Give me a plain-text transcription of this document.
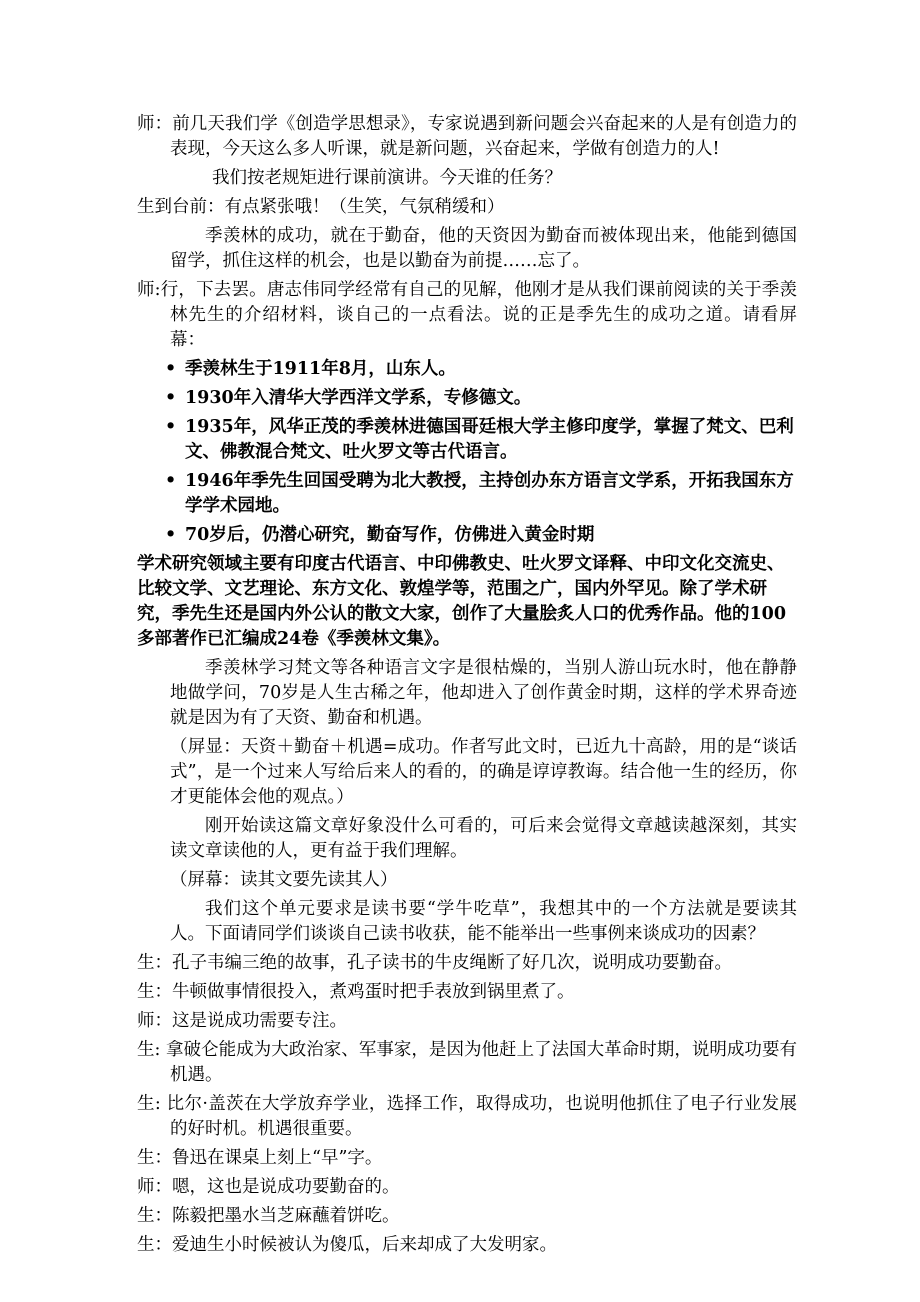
师：前几天我们学《创造学思想录》，专家说遇到新问题会兴奋起来的人是有创造力的表现，今天这么多人听课，就是新问题，兴奋起来，学做有创造力的人!

我们按老规矩进行课前演讲。今天谁的任务？

生到台前：有点紧张哦！（生笑，气氛稍缓和）

季羡林的成功，就在于勤奋，他的天资因为勤奋而被体现出来，他能到德国留学，抓住这样的机会，也是以勤奋为前提……忘了。

师:行，下去罢。唐志伟同学经常有自己的见解，他刚才是从我们课前阅读的关于季羡林先生的介绍材料，谈自己的一点看法。说的正是季先生的成功之道。请看屏幕：

• 季羡林生于1911年8月，山东人。
• 1930年入清华大学西洋文学系，专修德文。
• 1935年，风华正茂的季羡林进德国哥廷根大学主修印度学，掌握了梵文、巴利文、佛教混合梵文、吐火罗文等古代语言。
• 1946年季先生回国受聘为北大教授，主持创办东方语言文学系，开拓我国东方学学术园地。
• 70岁后，仍潜心研究，勤奋写作，仿佛进入黄金时期

学术研究领域主要有印度古代语言、中印佛教史、吐火罗文译释、中印文化交流史、比较文学、文艺理论、东方文化、敦煌学等，范围之广，国内外罕见。除了学术研究，季先生还是国内外公认的散文大家，创作了大量脍炙人口的优秀作品。他的100多部著作已汇编成24卷《季羡林文集》。

季羡林学习梵文等各种语言文字是很枯燥的，当别人游山玩水时，他在静静地做学问，70岁是人生古稀之年，他却进入了创作黄金时期，这样的学术界奇迹就是因为有了天资、勤奋和机遇。

（屏显：天资＋勤奋＋机遇=成功。作者写此文时，已近九十高龄，用的是“谈话式”，是一个过来人写给后来人的看的，的确是谆谆教诲。结合他一生的经历，你才更能体会他的观点。）

刚开始读这篇文章好象没什么可看的，可后来会觉得文章越读越深刻，其实读文章读他的人，更有益于我们理解。

（屏幕：读其文要先读其人）

我们这个单元要求是读书要“学牛吃草”，我想其中的一个方法就是要读其人。下面请同学们谈谈自己读书收获，能不能举出一些事例来谈成功的因素？

生：孔子韦编三绝的故事，孔子读书的牛皮绳断了好几次，说明成功要勤奋。

生：牛顿做事情很投入，煮鸡蛋时把手表放到锅里煮了。

师：这是说成功需要专注。

生: 拿破仑能成为大政治家、军事家，是因为他赶上了法国大革命时期，说明成功要有机遇。

生: 比尔·盖茨在大学放弃学业，选择工作，取得成功，也说明他抓住了电子行业发展的好时机。机遇很重要。

生：鲁迅在课桌上刻上“早”字。

师：嗯，这也是说成功要勤奋的。

生：陈毅把墨水当芝麻蘸着饼吃。

生：爱迪生小时候被认为傻瓜，后来却成了大发明家。
